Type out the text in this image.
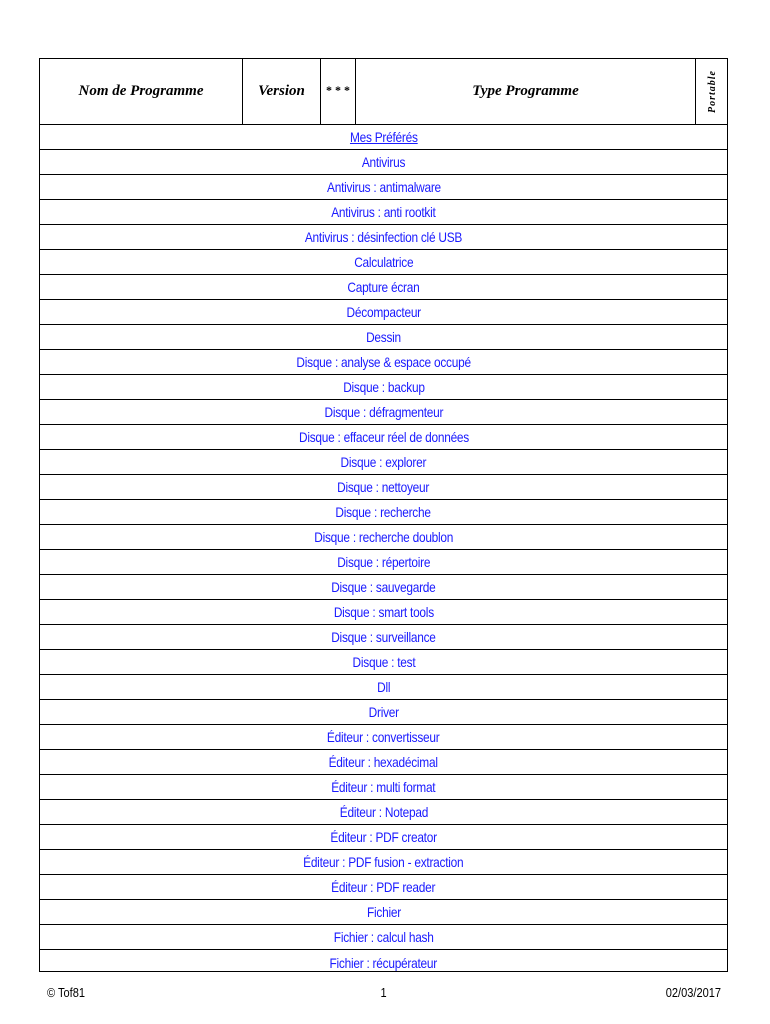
Nom de Programme	Version	* * *	Type Programme	Portable
Mes Préférés
Antivirus
Antivirus : antimalware
Antivirus : anti rootkit
Antivirus : désinfection clé USB
Calculatrice
Capture écran
Décompacteur
Dessin
Disque : analyse & espace occupé
Disque : backup
Disque : défragmenteur
Disque : effaceur réel de données
Disque : explorer
Disque : nettoyeur
Disque : recherche
Disque : recherche doublon
Disque : répertoire
Disque : sauvegarde
Disque : smart tools
Disque : surveillance
Disque : test
Dll
Driver
Éditeur : convertisseur
Éditeur : hexadécimal
Éditeur : multi format
Éditeur : Notepad
Éditeur : PDF creator
Éditeur : PDF fusion - extraction
Éditeur : PDF reader
Fichier
Fichier : calcul hash
Fichier : récupérateur
© Tof81	1	02/03/2017
